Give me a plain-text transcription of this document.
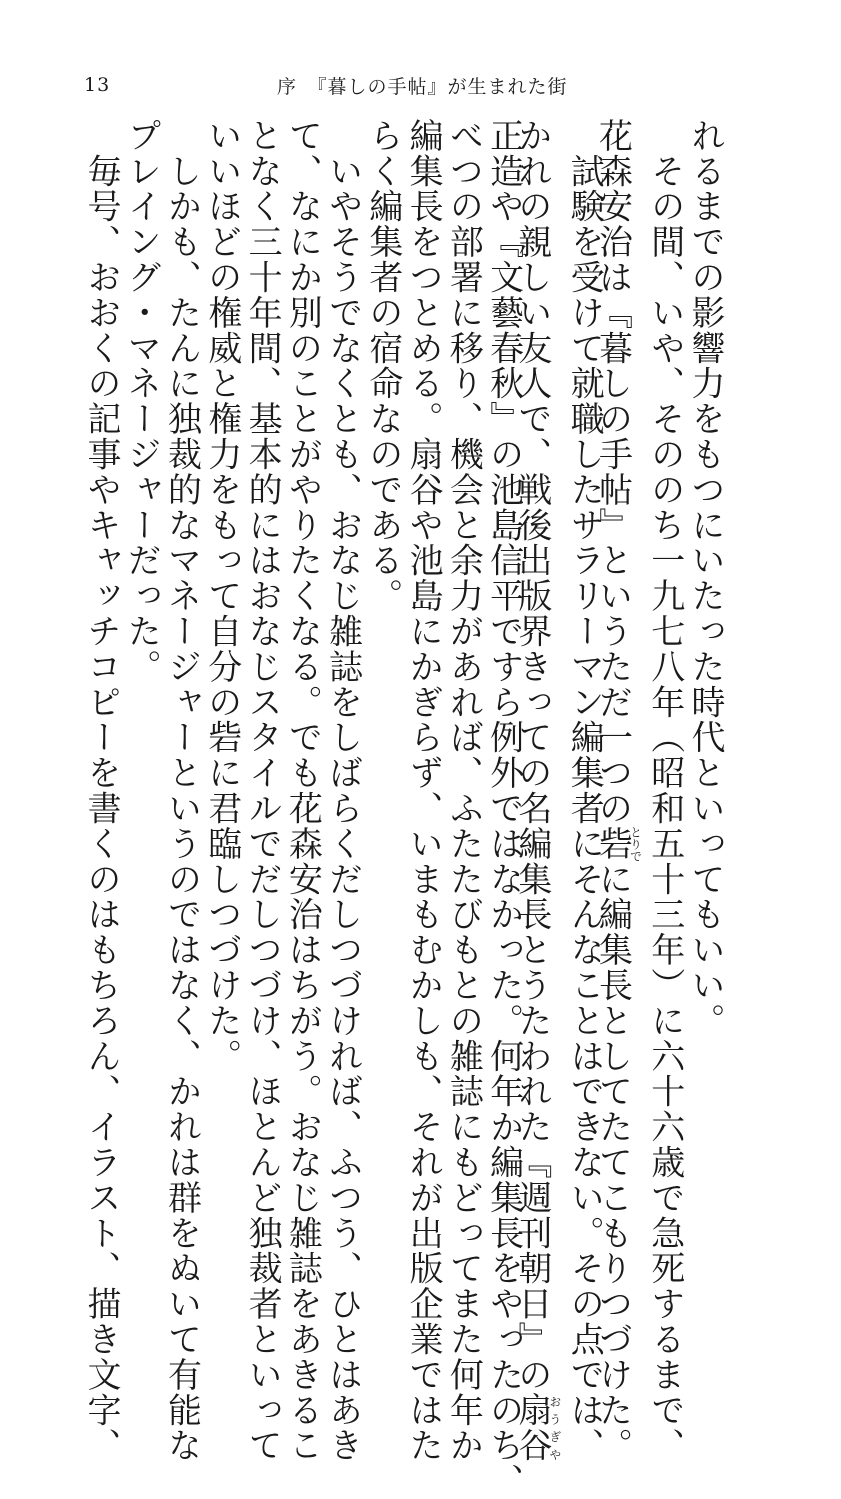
13	序　『暮しの手帖』が生まれた街
れるまでの影響力をもつにいたった時代といってもいい。
　その間、いや、そののち一九七八年（昭和五十三年）に六十六歳で急死するまで、
花森安治は『暮しの手帖』というただ一つの砦とりでに編集長としてたてこもりつづけた。
　試験を受けて就職したサラリーマン編集者にそんなことはできない。その点では、
かれの親しい友人で、戦後出版界きっての名編集長とうたわれた『週刊朝日』の扇谷おうぎや
正造や『文藝春秋』の池島信平ですら例外ではなかった。何年か編集長をやったのち、
べつの部署に移り、機会と余力があれば、ふたたびもとの雑誌にもどってまた何年か
編集長をつとめる。扇谷や池島にかぎらず、いまもむかしも、それが出版企業ではた
らく編集者の宿命なのである。
　いやそうでなくとも、おなじ雑誌をしばらくだしつづければ、ふつう、ひとはあき
て、なにか別のことがやりたくなる。でも花森安治はちがう。おなじ雑誌をあきるこ
となく三十年間、基本的にはおなじスタイルでだしつづけ、ほとんど独裁者といって
いいほどの権威と権力をもって自分の砦に君臨しつづけた。
　しかも、たんに独裁的なマネージャーというのではなく、かれは群をぬいて有能な
プレイング・マネージャーだった。
　毎号、おおくの記事やキャッチコピーを書くのはもちろん、イラスト、描き文字、
